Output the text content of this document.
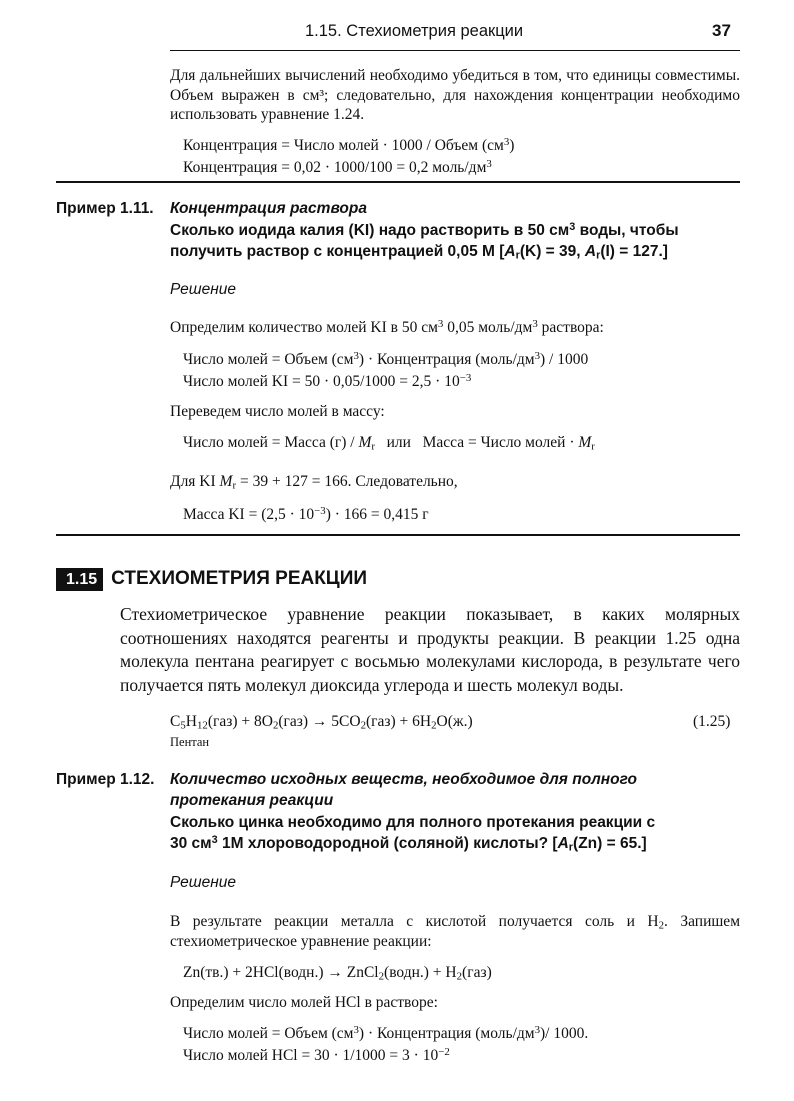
1.15. Стехиометрия реакции	37
Для дальнейших вычислений необходимо убедиться в том, что единицы совместимы. Объем выражен в см³; следовательно, для нахождения концентрации необходимо использовать уравнение 1.24.
Концентрация = Число молей · 1000 / Объем $(см^3)$
Концентрация = 0,02 · 1000/100 = 0,2 моль/$дм^3$
Пример 1.11. Концентрация раствора
Сколько иодида калия (KI) надо растворить в 50 $см^3$ воды, чтобы
получить раствор с концентрацией 0,05 М [$A_r(K) = 39$, $A_r(I) = 127$.]
Решение
Определим количество молей KI в 50 $см^3$ 0,05 моль/$дм^3$ раствора:
Число молей = Объем $(см^3)$ · Концентрация $(моль/дм^3) / 1000$
Число молей KI = $50 \cdot 0,05/1000 = 2,5 \cdot 10^{-3}$
Переведем число молей в массу:
Число молей = Масса $(г) / M_r$   или   Масса = Число молей · $M_r$
Для KI $M_r = 39 + 127 = 166$. Следовательно,
Масса KI = $(2,5 \cdot 10^{-3}) \cdot 166 = 0,415$ г
1.15 СТЕХИОМЕТРИЯ РЕАКЦИИ
Стехиометрическое уравнение реакции показывает, в каких молярных соотношениях находятся реагенты и продукты реакции. В реакции 1.25 одна молекула пентана реагирует с восьмью молекулами кислорода, в результате чего получается пять молекул диоксида углерода и шесть молекул воды.
$C_5H_{12}(газ) + 8O_2(газ) \to 5CO_2(газ) + 6H_2O(ж.)$	(1.25)
Пентан
Пример 1.12. Количество исходных веществ, необходимое для полного
протекания реакции
Сколько цинка необходимо для полного протекания реакции с
30 $см^3$ 1М хлороводородной (соляной) кислоты? $[A_r(Zn) = 65.]$
Решение
В результате реакции металла с кислотой получается соль и $H_2$. Запишем стехиометрическое уравнение реакции:
Zn(тв.) + 2HCl(водн.) → ZnCl$_2$(водн.) + $H_2(газ)$
Определим число молей HCl в растворе:
Число молей = Объем $(см^3)$ · Концентрация $(моль/дм^3)/$ 1000.
Число молей HCl = $30 \cdot 1/1000 = 3 \cdot 10^{-2}$
